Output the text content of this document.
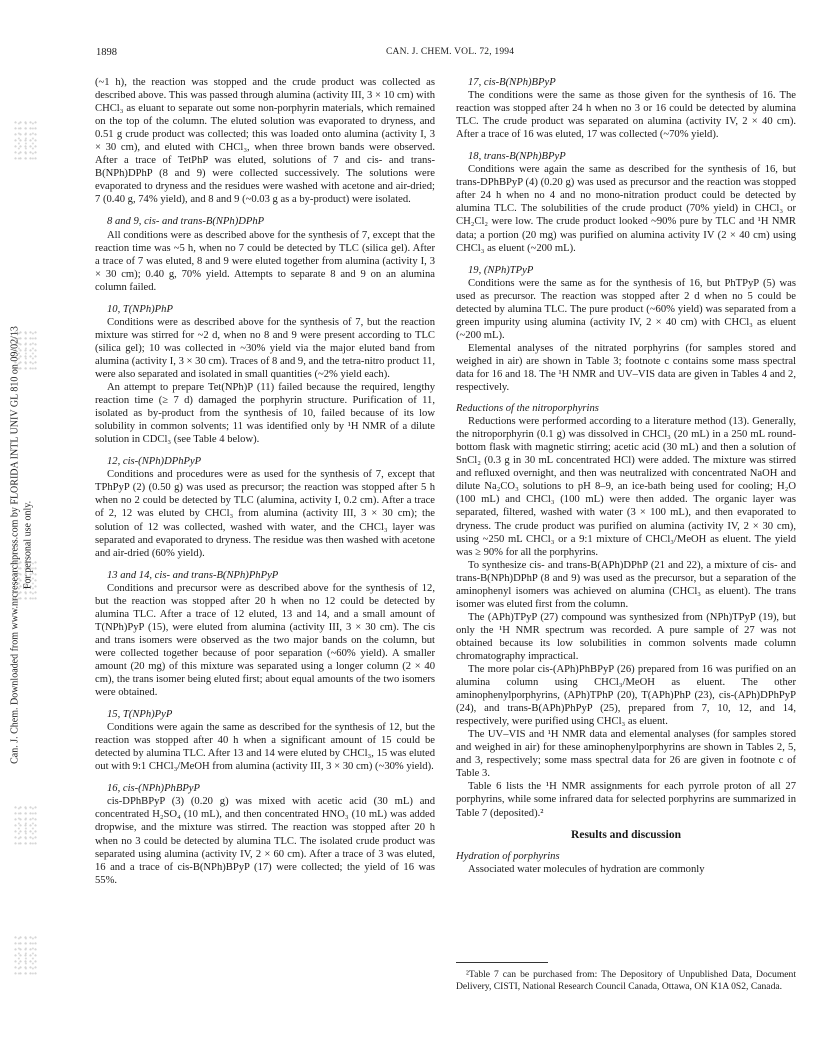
1898	CAN. J. CHEM. VOL. 72, 1994
Can. J. Chem. Downloaded from www.nrcresearchpress.com by FLORIDA INTL UNIV GL 810 on 09/02/13 For personal use only.

(~1 h), the reaction was stopped and the crude product was collected as described above. This was passed through alumina (activity III, 3 × 10 cm) with CHCl₃ as eluant to separate out some non-porphyrin materials, which remained on the top of the column. The eluted solution was evaporated to dryness, and 0.51 g crude product was collected; this was loaded onto alumina (activity I, 3 × 30 cm), and eluted with CHCl₃, when three brown bands were observed. After a trace of TetPhP was eluted, solutions of 7 and cis- and trans-B(NPh)DPhP (8 and 9) were collected successively. The solutions were evaporated to dryness and the residues were washed with acetone and air-dried; 7 (0.40 g, 74% yield), and 8 and 9 (~0.03 g as a by-product) were isolated.

8 and 9, cis- and trans-B(NPh)DPhP

All conditions were as described above for the synthesis of 7, except that the reaction time was ~5 h, when no 7 could be detected by TLC (silica gel). After a trace of 7 was eluted, 8 and 9 were eluted together from alumina (activity I, 3 × 30 cm); 0.40 g, 70% yield. Attempts to separate 8 and 9 on an alumina column failed.

10, T(NPh)PhP

Conditions were as described above for the synthesis of 7, but the reaction mixture was stirred for ~2 d, when no 8 and 9 were present according to TLC (silica gel); 10 was collected in ~30% yield via the major eluted band from alumina (activity I, 3 × 30 cm). Traces of 8 and 9, and the tetra-nitro product 11, were also separated and isolated in small quantities (~2% yield each).

An attempt to prepare Tet(NPh)P (11) failed because the required, lengthy reaction time (≥ 7 d) damaged the porphyrin structure. Purification of 11, isolated as by-product from the synthesis of 10, failed because of its low solubility in common solvents; 11 was identified only by ¹H NMR of a dilute solution in CDCl₃ (see Table 4 below).

12, cis-(NPh)DPhPyP

Conditions and procedures were as used for the synthesis of 7, except that TPhPyP (2) (0.50 g) was used as precursor; the reaction was stopped after 5 h when no 2 could be detected by TLC (alumina, activity I, 0.2 cm). After a trace of 2, 12 was eluted by CHCl₃ from alumina (activity III, 3 × 30 cm); the solution of 12 was collected, washed with water, and the CHCl₃ layer was separated and evaporated to dryness. The residue was then washed with acetone and air-dried (60% yield).

13 and 14, cis- and trans-B(NPh)PhPyP

Conditions and precursor were as described above for the synthesis of 12, but the reaction was stopped after 20 h when no 12 could be detected by alumina TLC. After a trace of 12 eluted, 13 and 14, and a small amount of T(NPh)PyP (15), were eluted from alumina (activity III, 3 × 30 cm). The cis and trans isomers were observed as the two major bands on the column, but were collected together because of poor separation (~60% yield). A smaller amount (20 mg) of this mixture was separated using a longer column (2 × 40 cm), the trans isomer being eluted first; about equal amounts of the two isomers were obtained.

15, T(NPh)PyP

Conditions were again the same as described for the synthesis of 12, but the reaction was stopped after 40 h when a significant amount of 15 could be detected by alumina TLC. After 13 and 14 were eluted by CHCl₃, 15 was eluted out with 9:1 CHCl₃/MeOH from alumina (activity III, 3 × 30 cm) (~30% yield).

16, cis-(NPh)PhBPyP

cis-DPhBPyP (3) (0.20 g) was mixed with acetic acid (30 mL) and concentrated H₂SO₄ (10 mL), and then concentrated HNO₃ (10 mL) was added dropwise, and the mixture was stirred. The reaction was stopped after 20 h when no 3 could be detected by alumina TLC. The isolated crude product was separated using alumina (activity IV, 2 × 60 cm). After a trace of 3 was eluted, 16 and a trace of cis-B(NPh)BPyP (17) were collected; the yield of 16 was 55%.

17, cis-B(NPh)BPyP

The conditions were the same as those given for the synthesis of 16. The reaction was stopped after 24 h when no 3 or 16 could be detected by alumina TLC. The crude product was separated on alumina (activity IV, 2 × 40 cm). After a trace of 16 was eluted, 17 was collected (~70% yield).

18, trans-B(NPh)BPyP

Conditions were again the same as described for the synthesis of 16, but trans-DPhBPyP (4) (0.20 g) was used as precursor and the reaction was stopped after 24 h when no 4 and no mono-nitration product could be detected by alumina TLC. The solubilities of the crude product (70% yield) in CHCl₃ or CH₂Cl₂ were low. The crude product looked ~90% pure by TLC and ¹H NMR data; a portion (20 mg) was purified on alumina activity IV (2 × 40 cm) using CHCl₃ as eluent (~200 mL).

19, (NPh)TPyP

Conditions were the same as for the synthesis of 16, but PhTPyP (5) was used as precursor. The reaction was stopped after 2 d when no 5 could be detected by alumina TLC. The pure product (~60% yield) was separated from a green impurity using alumina (activity IV, 2 × 40 cm) with CHCl₃ as eluent (~200 mL).

Elemental analyses of the nitrated porphyrins (for samples stored and weighed in air) are shown in Table 3; footnote c contains some mass spectral data for 16 and 18. The ¹H NMR and UV–VIS data are given in Tables 4 and 2, respectively.

Reductions of the nitroporphyrins

Reductions were performed according to a literature method (13). Generally, the nitroporphyrin (0.1 g) was dissolved in CHCl₃ (20 mL) in a 250 mL round-bottom flask with magnetic stirring; acetic acid (30 mL) and then a solution of SnCl₂ (0.3 g in 30 mL concentrated HCl) were added. The mixture was stirred and refluxed overnight, and then was neutralized with concentrated NaOH and dilute Na₂CO₃ solutions to pH 8–9, an ice-bath being used for cooling; H₂O (100 mL) and CHCl₃ (100 mL) were then added. The organic layer was separated, filtered, washed with water (3 × 100 mL), and then evaporated to dryness. The crude product was purified on alumina (activity IV, 2 × 30 cm), using ~250 mL CHCl₃ or a 9:1 mixture of CHCl₃/MeOH as eluent. The yield was ≥ 90% for all the porphyrins.

To synthesize cis- and trans-B(APh)DPhP (21 and 22), a mixture of cis- and trans-B(NPh)DPhP (8 and 9) was used as the precursor, but a separation of the aminophenyl isomers was achieved on alumina (CHCl₃ as eluent). The trans isomer was eluted first from the column.

The (APh)TPyP (27) compound was synthesized from (NPh)TPyP (19), but only the ¹H NMR spectrum was recorded. A pure sample of 27 was not obtained because its low solubilities in common solvents made column chromatography impractical.

The more polar cis-(APh)PhBPyP (26) prepared from 16 was purified on an alumina column using CHCl₃/MeOH as eluent. The other aminophenylporphyrins, (APh)TPhP (20), T(APh)PhP (23), cis-(APh)DPhPyP (24), and trans-B(APh)PhPyP (25), prepared from 7, 10, 12, and 14, respectively, were purified using CHCl₃ as eluent.

The UV–VIS and ¹H NMR data and elemental analyses (for samples stored and weighed in air) for these aminophenylporphyrins are shown in Tables 2, 5, and 3, respectively; some mass spectral data for 26 are given in footnote c of Table 3.

Table 6 lists the ¹H NMR assignments for each pyrrole proton of all 27 porphyrins, while some infrared data for selected porphyrins are summarized in Table 7 (deposited).²

Results and discussion
Hydration of porphyrins

Associated water molecules of hydration are commonly

²Table 7 can be purchased from: The Depository of Unpublished Data, Document Delivery, CISTI, National Research Council Canada, Ottawa, ON K1A 0S2, Canada.
